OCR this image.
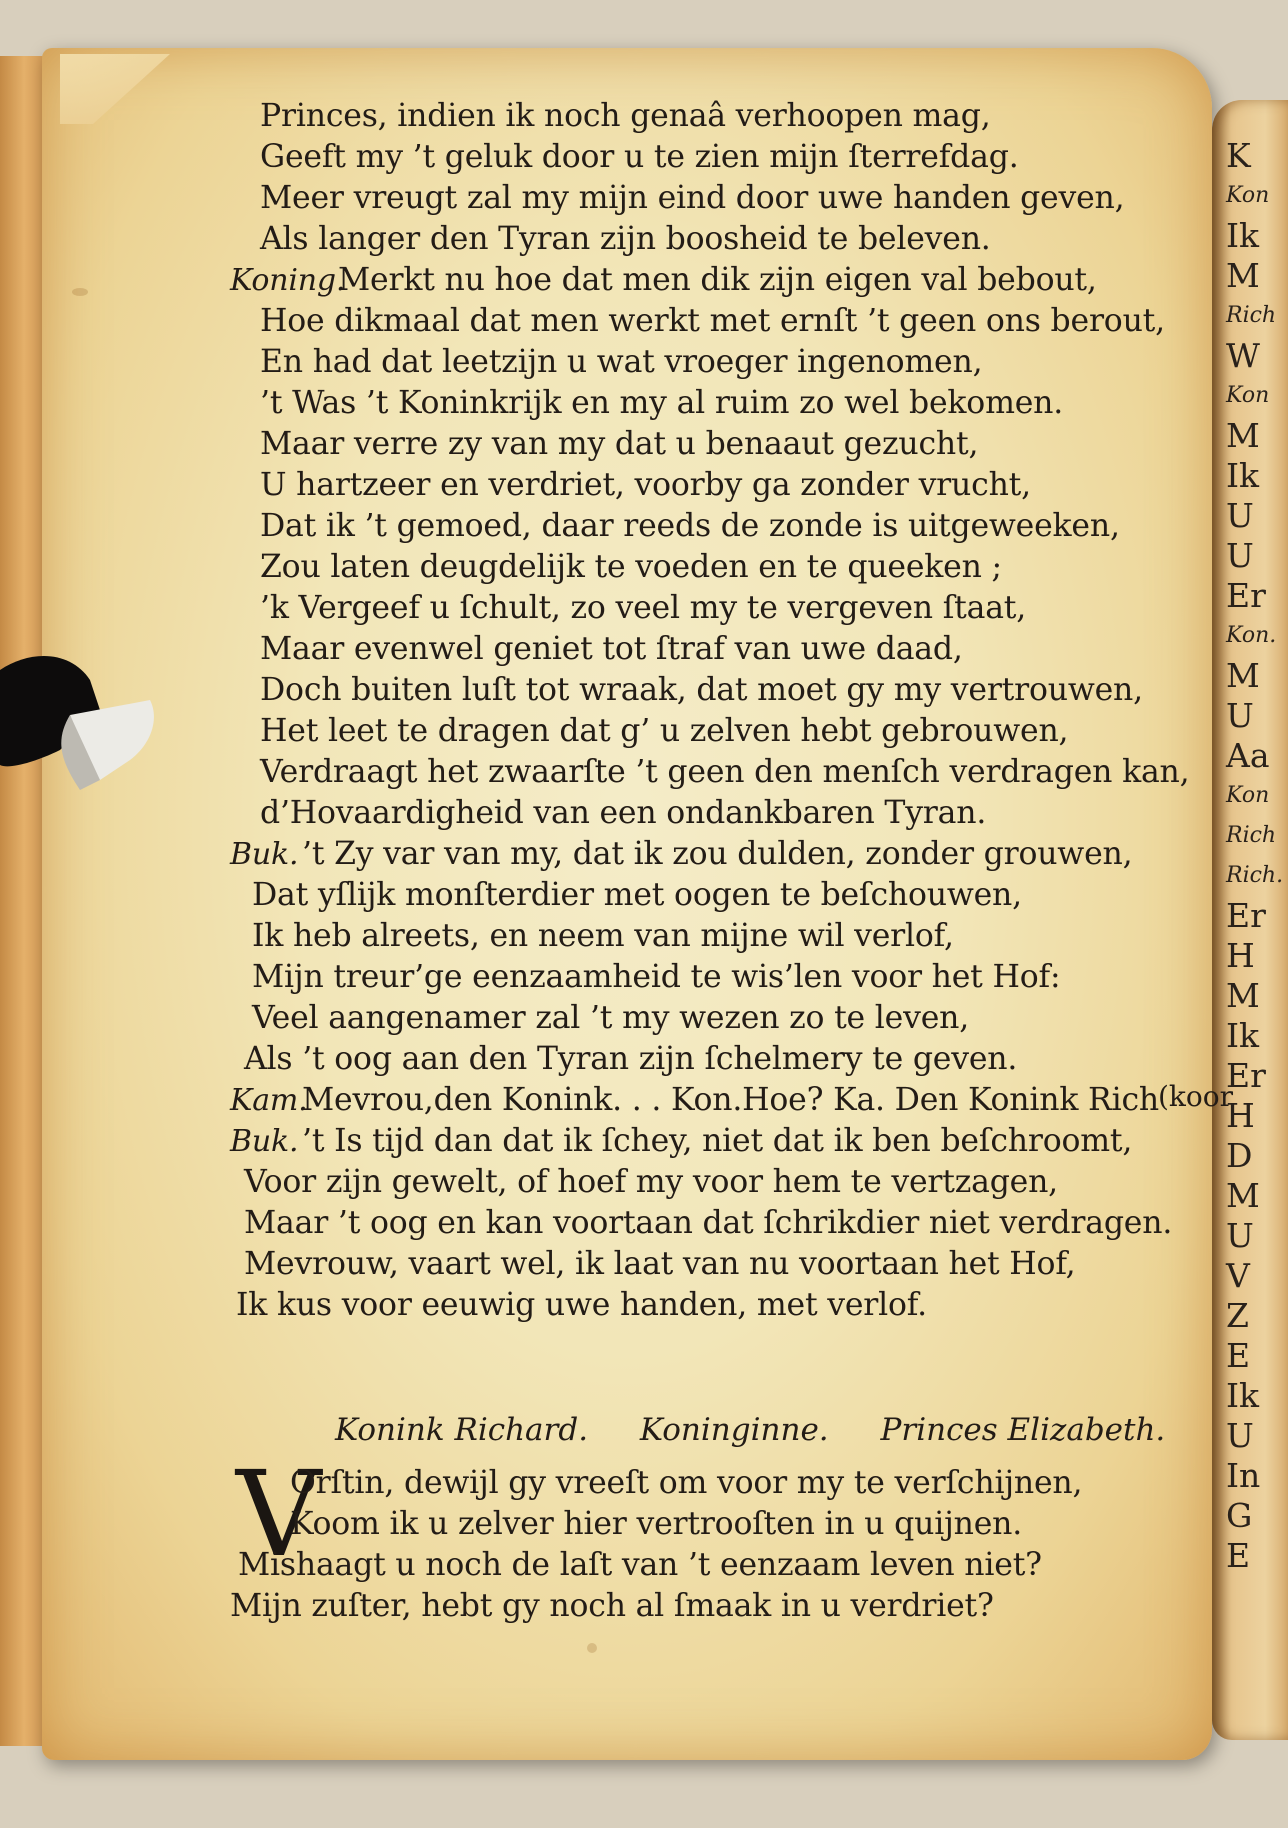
K
Kon
Ik
M
Rich
W
Kon
M
Ik
U
U
Er
Kon.
M
U
Aa
Kon
Rich
Rich.
Er
H
M
Ik
Er
H
D
M
U
V
Z
E
Ik
U
In
G
E
Princes, indien ik noch genaâ verhoopen mag,
Geeft my ’t geluk door u te zien mijn ſterrefdag.
Meer vreugt zal my mijn eind door uwe handen geven,
Als langer den Tyran zijn boosheid te beleven.
Koning.
Merkt nu hoe dat men dik zijn eigen val bebout,
Hoe dikmaal dat men werkt met ernſt ’t geen ons berout,
En had dat leetzijn u wat vroeger ingenomen,
’t Was ’t Koninkrijk en my al ruim zo wel bekomen.
Maar verre zy van my dat u benaaut gezucht,
U hartzeer en verdriet, voorby ga zonder vrucht,
Dat ik ’t gemoed, daar reeds de zonde is uitgeweeken,
Zou laten deugdelijk te voeden en te queeken ;
’k Vergeef u ſchult, zo veel my te vergeven ſtaat,
Maar evenwel geniet tot ſtraf van uwe daad,
Doch buiten luſt tot wraak, dat moet gy my vertrouwen,
Het leet te dragen dat g’ u zelven hebt gebrouwen,
Verdraagt het zwaarſte ’t geen den menſch verdragen kan,
d’Hovaardigheid van een ondankbaren Tyran.
Buk. ’t Zy var van my, dat ik zou dulden, zonder grouwen,
Dat yſlijk monſterdier met oogen te beſchouwen,
Ik heb alreets, en neem van mijne wil verlof,
Mijn treur’ge eenzaamheid te wis’len voor het Hof:
Veel aangenamer zal ’t my wezen zo te leven,
Als ’t oog aan den Tyran zijn ſchelmery te geven.
Kam.
Mevrou,den Konink. . . Kon.Hoe? Ka. Den Konink Rich
Buk. ’t Is tijd dan dat ik ſchey, niet dat ik ben beſchroomt,
Voor zijn gewelt, of hoef my voor hem te vertzagen,
Maar ’t oog en kan voortaan dat ſchrikdier niet verdragen.
Mevrouw, vaart wel, ik laat van nu voortaan het Hof,
Ik kus voor eeuwig uwe handen, met verlof.
(koor
Konink Richard. Koninginne. Princes Elizabeth.
V
Orſtin, dewijl gy vreeſt om voor my te verſchijnen,
Koom ik u zelver hier vertrooſten in u quijnen.
Mishaagt u noch de laſt van ’t eenzaam leven niet?
Mijn zuſter, hebt gy noch al ſmaak in u verdriet?
